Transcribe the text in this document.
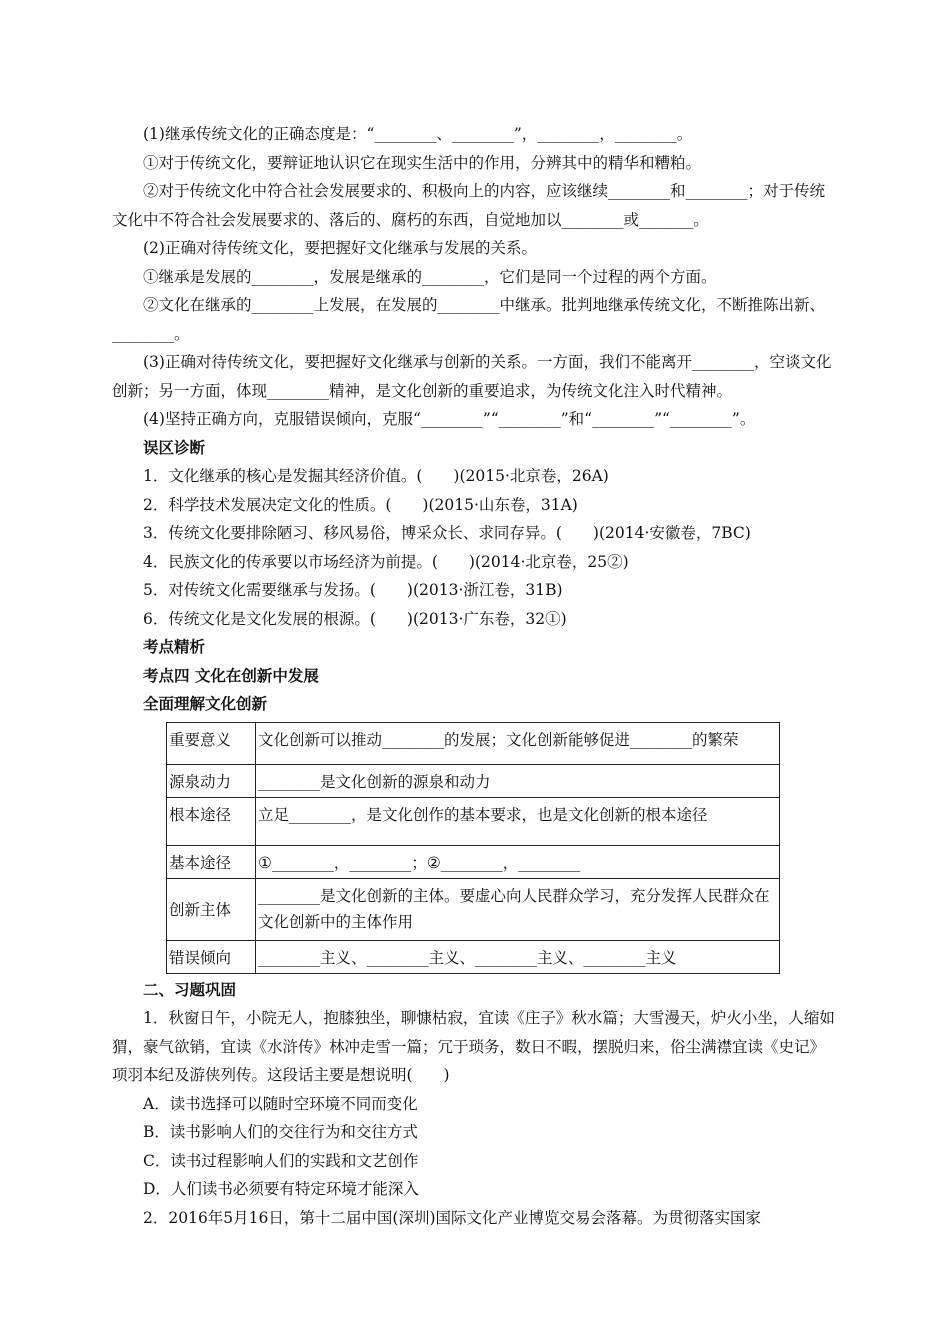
(1)继承传统文化的正确态度是：“________、________”，________，________。

①对于传统文化，要辩证地认识它在现实生活中的作用，分辨其中的精华和糟粕。

②对于传统文化中符合社会发展要求的、积极向上的内容，应该继续________和________；对于传统文化中不符合社会发展要求的、落后的、腐朽的东西，自觉地加以________或_______。

(2)正确对待传统文化，要把握好文化继承与发展的关系。

①继承是发展的________，发展是继承的________，它们是同一个过程的两个方面。

②文化在继承的________上发展，在发展的________中继承。批判地继承传统文化，不断推陈出新、________。

(3)正确对待传统文化，要把握好文化继承与创新的关系。一方面，我们不能离开________，空谈文化创新；另一方面，体现________精神，是文化创新的重要追求，为传统文化注入时代精神。

(4)坚持正确方向，克服错误倾向，克服“________”“________”和“________”“________”。

误区诊断

1．文化继承的核心是发掘其经济价值。(　　)(2015·北京卷，26A)

2．科学技术发展决定文化的性质。(　　)(2015·山东卷，31A)

3．传统文化要排除陋习、移风易俗，博采众长、求同存异。(　　)(2014·安徽卷，7BC)

4．民族文化的传承要以市场经济为前提。(　　)(2014·北京卷，25②)

5．对传统文化需要继承与发扬。(　　)(2013·浙江卷，31B)

6．传统文化是文化发展的根源。(　　)(2013·广东卷，32①)

考点精析

考点四 文化在创新中发展

全面理解文化创新

重要意义	文化创新可以推动________的发展；文化创新能够促进________的繁荣
源泉动力	________是文化创新的源泉和动力
根本途径	立足________，是文化创作的基本要求，也是文化创新的根本途径
基本途径	①________，________；②________，________
创新主体	________是文化创新的主体。要虚心向人民群众学习，充分发挥人民群众在文化创新中的主体作用
错误倾向	________主义、________主义、________主义、________主义

二、习题巩固

1．秋窗日午，小院无人，抱膝独坐，聊慷枯寂，宜读《庄子》秋水篇；大雪漫天，炉火小坐，人缩如猬，豪气欲销，宜读《水浒传》林冲走雪一篇；冗于琐务，数日不暇，摆脱归来，俗尘满襟宜读《史记》项羽本纪及游侠列传。这段话主要是想说明(　　)

A．读书选择可以随时空环境不同而变化

B．读书影响人们的交往行为和交往方式

C．读书过程影响人们的实践和文艺创作

D．人们读书必须要有特定环境才能深入

2．2016年5月16日，第十二届中国(深圳)国际文化产业博览交易会落幕。为贯彻落实国家
